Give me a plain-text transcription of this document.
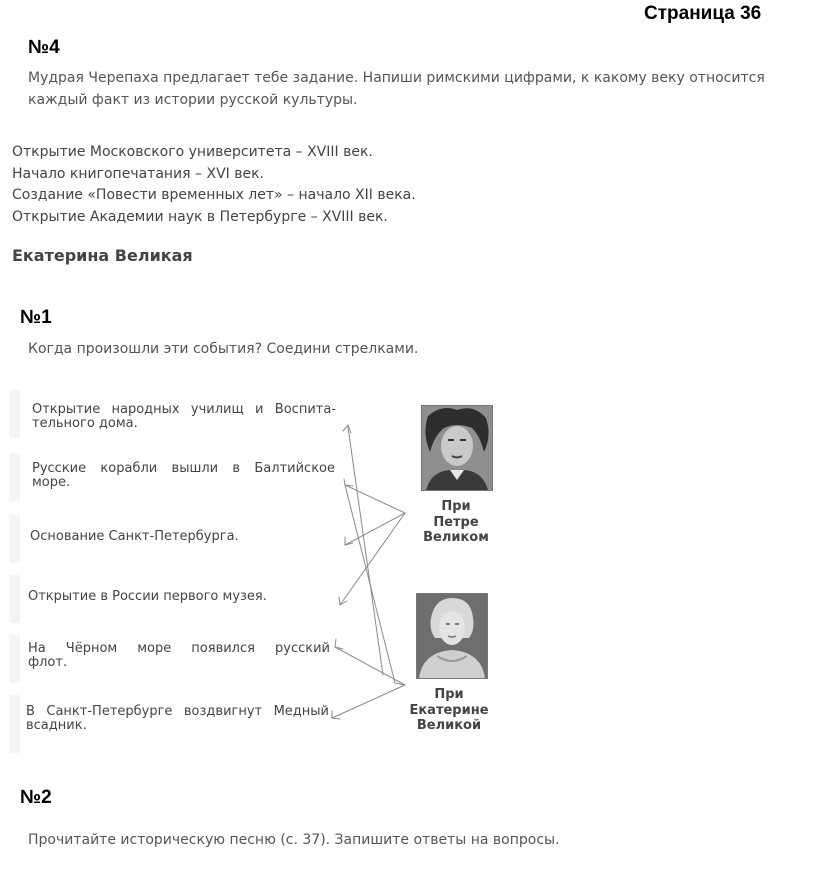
Страница 36
№4
Мудрая Черепаха предлагает тебе задание. Напиши римскими цифрами, к какому веку относится
каждый факт из истории русской культуры.
Открытие Московского университета – XVIII век.
Начало книгопечатания – XVI век.
Создание «Повести временных лет» – начало XII века.
Открытие Академии наук в Петербурге – XVIII век.
Екатерина Великая
№1
Когда произошли эти события? Соедини стрелками.
Открытие народных училищ и Воспита-
тельного дома.
Русские корабли вышли в Балтийское
море.
Основание Санкт-Петербурга.
Открытие в России первого музея.
На Чёрном море появился русский
флот.
В Санкт-Петербурге воздвигнут Медный
всадник.
При
Петре
Великом
При
Екатерине
Великой
№2
Прочитайте историческую песню (с. 37). Запишите ответы на вопросы.
